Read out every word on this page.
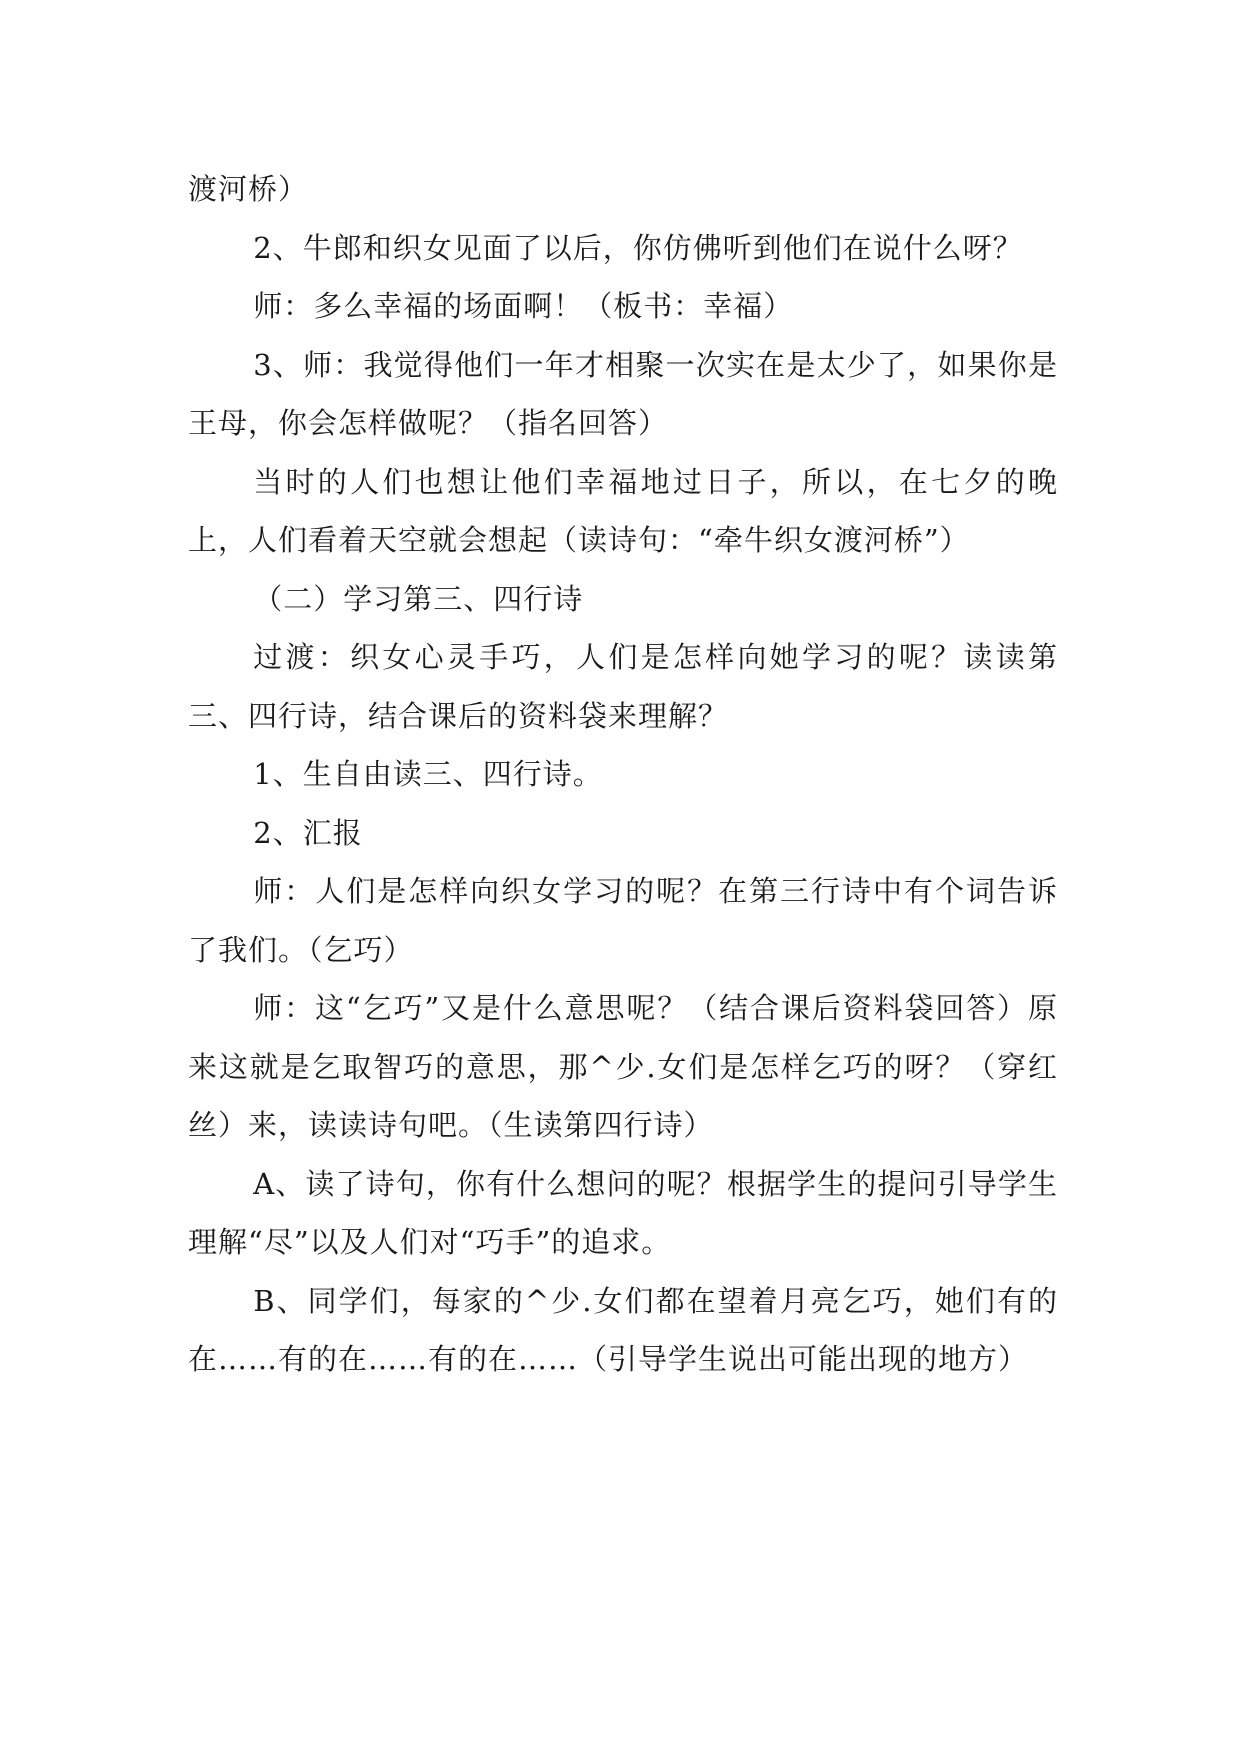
渡河桥）

2、牛郎和织女见面了以后，你仿佛听到他们在说什么呀？

师：多么幸福的场面啊！（板书：幸福）

3、师：我觉得他们一年才相聚一次实在是太少了，如果你是王母，你会怎样做呢？（指名回答）

当时的人们也想让他们幸福地过日子，所以，在七夕的晚上，人们看着天空就会想起（读诗句：“牵牛织女渡河桥”）

（二）学习第三、四行诗

过渡：织女心灵手巧，人们是怎样向她学习的呢？读读第三、四行诗，结合课后的资料袋来理解？

1、生自由读三、四行诗。

2、汇报

师：人们是怎样向织女学习的呢？在第三行诗中有个词告诉了我们。（乞巧）

师：这“乞巧”又是什么意思呢？（结合课后资料袋回答）原来这就是乞取智巧的意思，那^少.女们是怎样乞巧的呀？（穿红丝）来，读读诗句吧。（生读第四行诗）

A、读了诗句，你有什么想问的呢？根据学生的提问引导学生理解“尽”以及人们对“巧手”的追求。

B、同学们，每家的^少.女们都在望着月亮乞巧，她们有的在……有的在……有的在……（引导学生说出可能出现的地方）
